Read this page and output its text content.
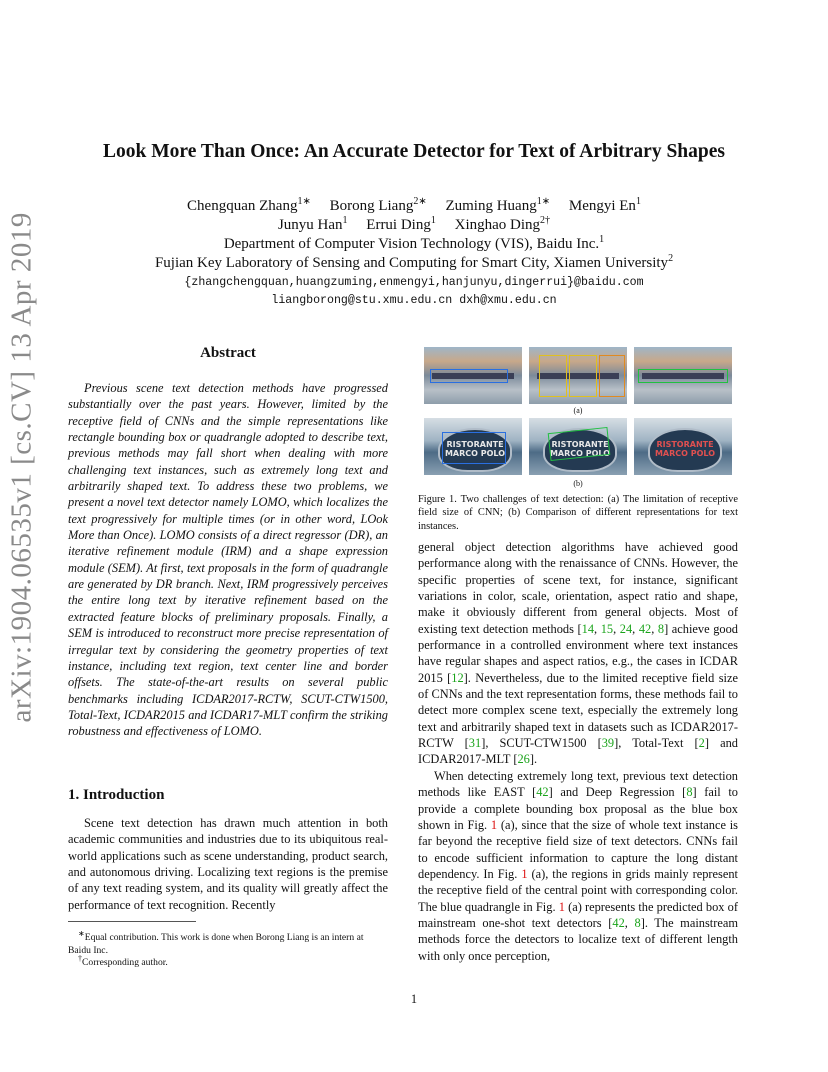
arXiv:1904.06535v1 [cs.CV] 13 Apr 2019
Look More Than Once: An Accurate Detector for Text of Arbitrary Shapes
Chengquan Zhang$^{1∗}$ Borong Liang$^{2∗}$ Zuming Huang$^{1∗}$ Mengyi En$^1$
Junyu Han$^1$ Errui Ding$^1$ Xinghao Ding$^{2\dagger}$
Department of Computer Vision Technology (VIS), Baidu Inc.$^1$
Fujian Key Laboratory of Sensing and Computing for Smart City, Xiamen University$^2$
{zhangchengquan,huangzuming,enmengyi,hanjunyu,dingerrui}@baidu.com
liangborong@stu.xmu.edu.cn dxh@xmu.edu.cn
Abstract
Previous scene text detection methods have progressed substantially over the past years. However, limited by the receptive field of CNNs and the simple representations like rectangle bounding box or quadrangle adopted to describe text, previous methods may fall short when dealing with more challenging text instances, such as extremely long text and arbitrarily shaped text. To address these two problems, we present a novel text detector namely LOMO, which localizes the text progressively for multiple times (or in other word, LOok More than Once). LOMO consists of a direct regressor (DR), an iterative refinement module (IRM) and a shape expression module (SEM). At first, text proposals in the form of quadrangle are generated by DR branch. Next, IRM progressively perceives the entire long text by iterative refinement based on the extracted feature blocks of preliminary proposals. Finally, a SEM is introduced to reconstruct more precise representation of irregular text by considering the geometry properties of text instance, including text region, text center line and border offsets. The state-of-the-art results on several public benchmarks including ICDAR2017-RCTW, SCUT-CTW1500, Total-Text, ICDAR2015 and ICDAR17-MLT confirm the striking robustness and effectiveness of LOMO.
1. Introduction
Scene text detection has drawn much attention in both academic communities and industries due to its ubiquitous real-world applications such as scene understanding, product search, and autonomous driving. Localizing text regions is the premise of any text reading system, and its quality will greatly affect the performance of text recognition. Recently
∗Equal contribution. This work is done when Borong Liang is an intern at Baidu Inc.
†Corresponding author.
1
(a)
RISTORANTE MARCO POLO
RISTORANTE MARCO POLO
RISTORANTE MARCO POLO
(b)
Figure 1. Two challenges of text detection: (a) The limitation of receptive field size of CNN; (b) Comparison of different representations for text instances.

general object detection algorithms have achieved good performance along with the renaissance of CNNs. However, the specific properties of scene text, for instance, significant variations in color, scale, orientation, aspect ratio and shape, make it obviously different from general objects. Most of existing text detection methods [14, 15, 24, 42, 8] achieve good performance in a controlled environment where text instances have regular shapes and aspect ratios, e.g., the cases in ICDAR 2015 [12]. Nevertheless, due to the limited receptive field size of CNNs and the text representation forms, these methods fail to detect more complex scene text, especially the extremely long text and arbitrarily shaped text in datasets such as ICDAR2017-RCTW [31], SCUT-CTW1500 [39], Total-Text [2] and ICDAR2017-MLT [26].

When detecting extremely long text, previous text detection methods like EAST [42] and Deep Regression [8] fail to provide a complete bounding box proposal as the blue box shown in Fig. 1 (a), since that the size of whole text instance is far beyond the receptive field size of text detectors. CNNs fail to encode sufficient information to capture the long distant dependency. In Fig. 1 (a), the regions in grids mainly represent the receptive field of the central point with corresponding color. The blue quadrangle in Fig. 1 (a) represents the predicted box of mainstream one-shot text detectors [42, 8]. The mainstream methods force the detectors to localize text of different length with only once perception,
